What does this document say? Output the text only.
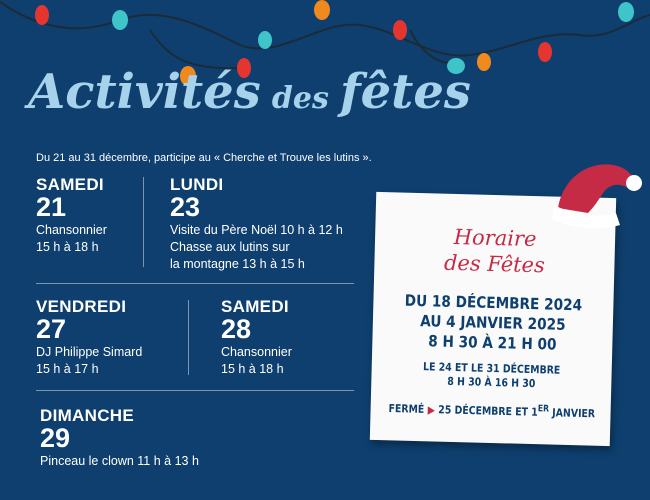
Activités des fêtes
Du 21 au 31 décembre, participe au « Cherche et Trouve les lutins ».
SAMEDI
21
Chansonnier
15 h à 18 h
LUNDI
23
Visite du Père Noël 10 h à 12 h
Chasse aux lutins sur
la montagne 13 h à 15 h
VENDREDI
27
DJ Philippe Simard
15 h à 17 h
SAMEDI
28
Chansonnier
15 h à 18 h
DIMANCHE
29
Pinceau le clown 11 h à 13 h
Horaire
des Fêtes
DU 18 DÉCEMBRE 2024
AU 4 JANVIER 2025
8 H 30 À 21 H 00
LE 24 ET LE 31 DÉCEMBRE
8 H 30 À 16 H 30
FERMÉ ▶ 25 DÉCEMBRE ET 1ER JANVIER
